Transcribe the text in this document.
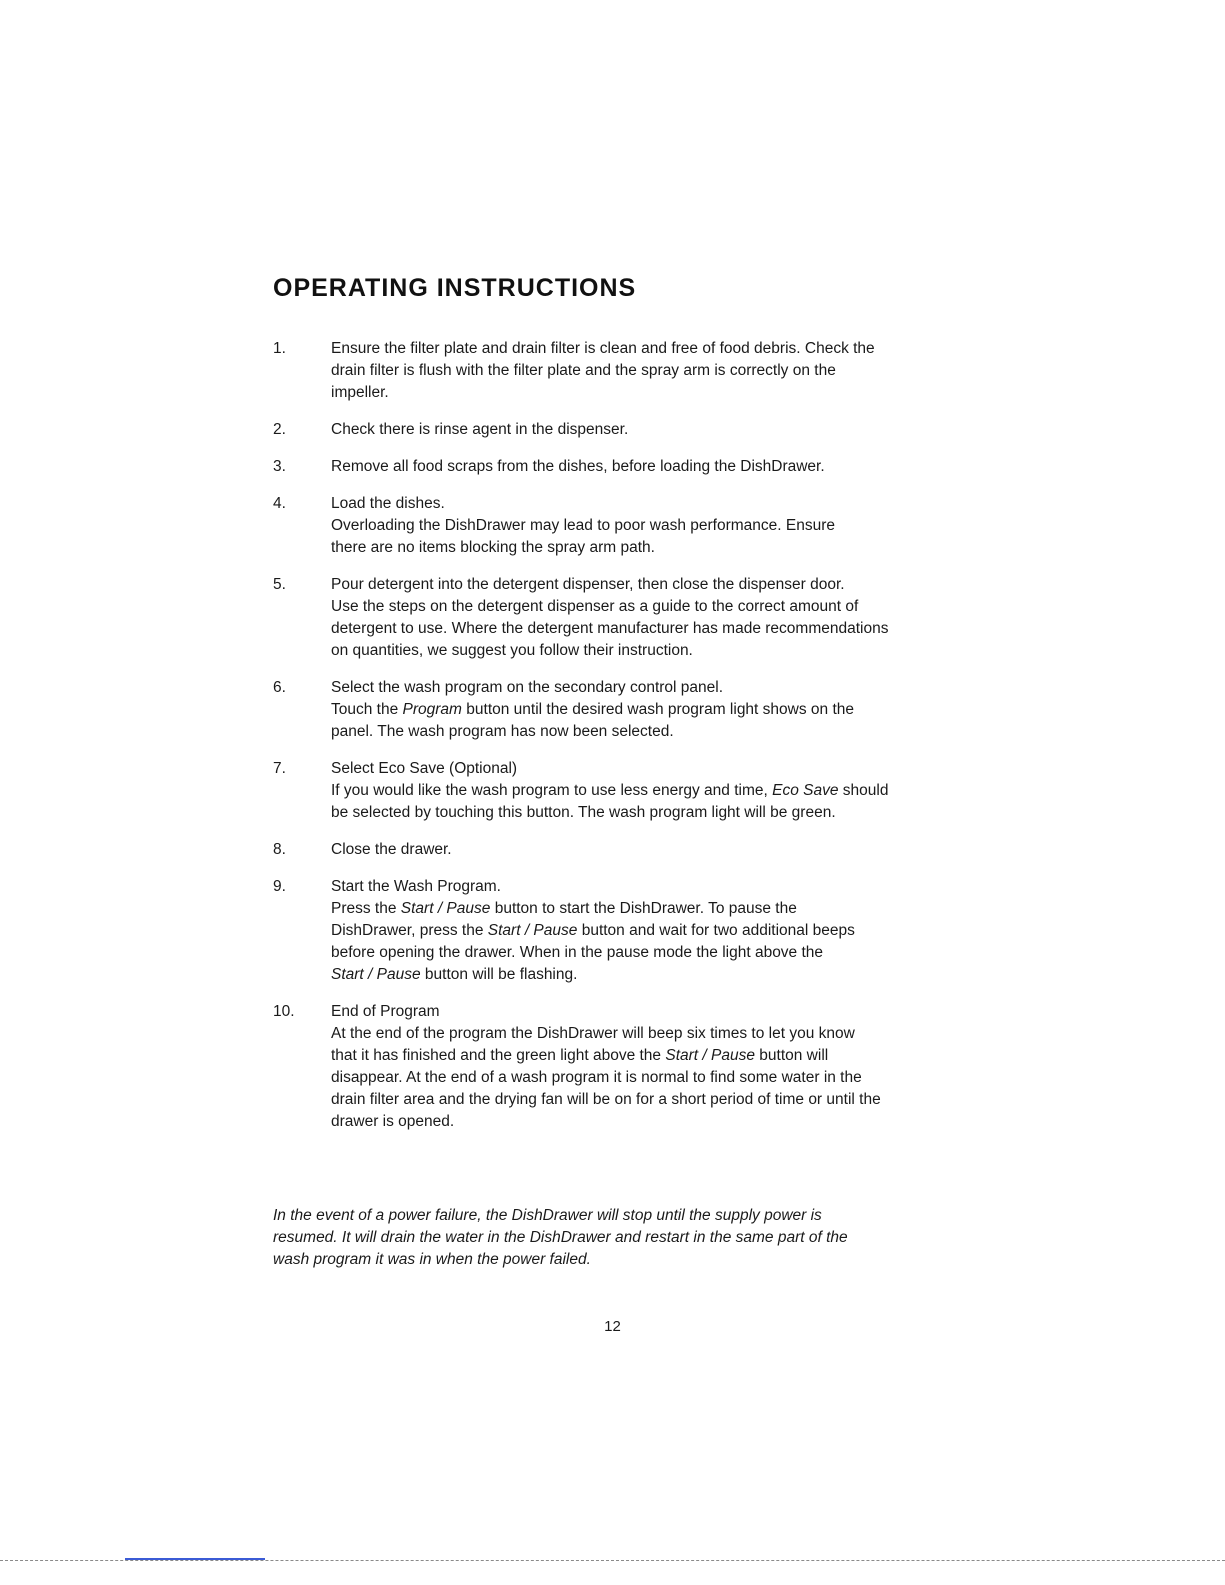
OPERATING INSTRUCTIONS
1.	Ensure the filter plate and drain filter is clean and free of food debris. Check the
drain filter is flush with the filter plate and the spray arm is correctly on the
impeller.
2.	Check there is rinse agent in the dispenser.
3.	Remove all food scraps from the dishes, before loading the DishDrawer.
4.	Load the dishes.
Overloading the DishDrawer may lead to poor wash performance. Ensure
there are no items blocking the spray arm path.
5.	Pour detergent into the detergent dispenser, then close the dispenser door.
Use the steps on the detergent dispenser as a guide to the correct amount of
detergent to use. Where the detergent manufacturer has made recommendations
on quantities, we suggest you follow their instruction.
6.	Select the wash program on the secondary control panel.
Touch the Program button until the desired wash program light shows on the
panel. The wash program has now been selected.
7.	Select Eco Save (Optional)
If you would like the wash program to use less energy and time, Eco Save should
be selected by touching this button. The wash program light will be green.
8.	Close the drawer.
9.	Start the Wash Program.
Press the Start / Pause button to start the DishDrawer. To pause the
DishDrawer, press the Start / Pause button and wait for two additional beeps
before opening the drawer. When in the pause mode the light above the
Start / Pause button will be flashing.
10.	End of Program
At the end of the program the DishDrawer will beep six times to let you know
that it has finished and the green light above the Start / Pause button will
disappear. At the end of a wash program it is normal to find some water in the
drain filter area and the drying fan will be on for a short period of time or until the
drawer is opened.
In the event of a power failure, the DishDrawer will stop until the supply power is
resumed. It will drain the water in the DishDrawer and restart in the same part of the
wash program it was in when the power failed.
12
